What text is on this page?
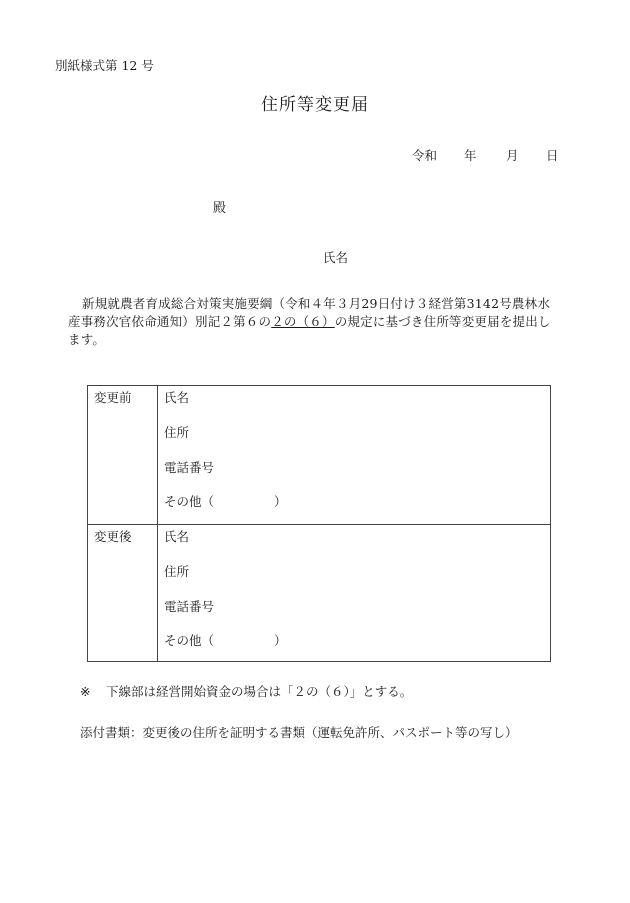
別紙様式第 12 号
住所等変更届
令和 年 月 日
殿
氏名
新規就農者育成総合対策実施要綱（令和４年３月29日付け３経営第3142号農林水産事務次官依命通知）別記２第６の２の（６）の規定に基づき住所等変更届を提出します。
変更前	氏名
住所
電話番号
その他（	）
変更後	氏名
住所
電話番号
その他（	）
※ 下線部は経営開始資金の場合は「２の（６）」とする。
添付書類：変更後の住所を証明する書類（運転免許所、パスポート等の写し）
